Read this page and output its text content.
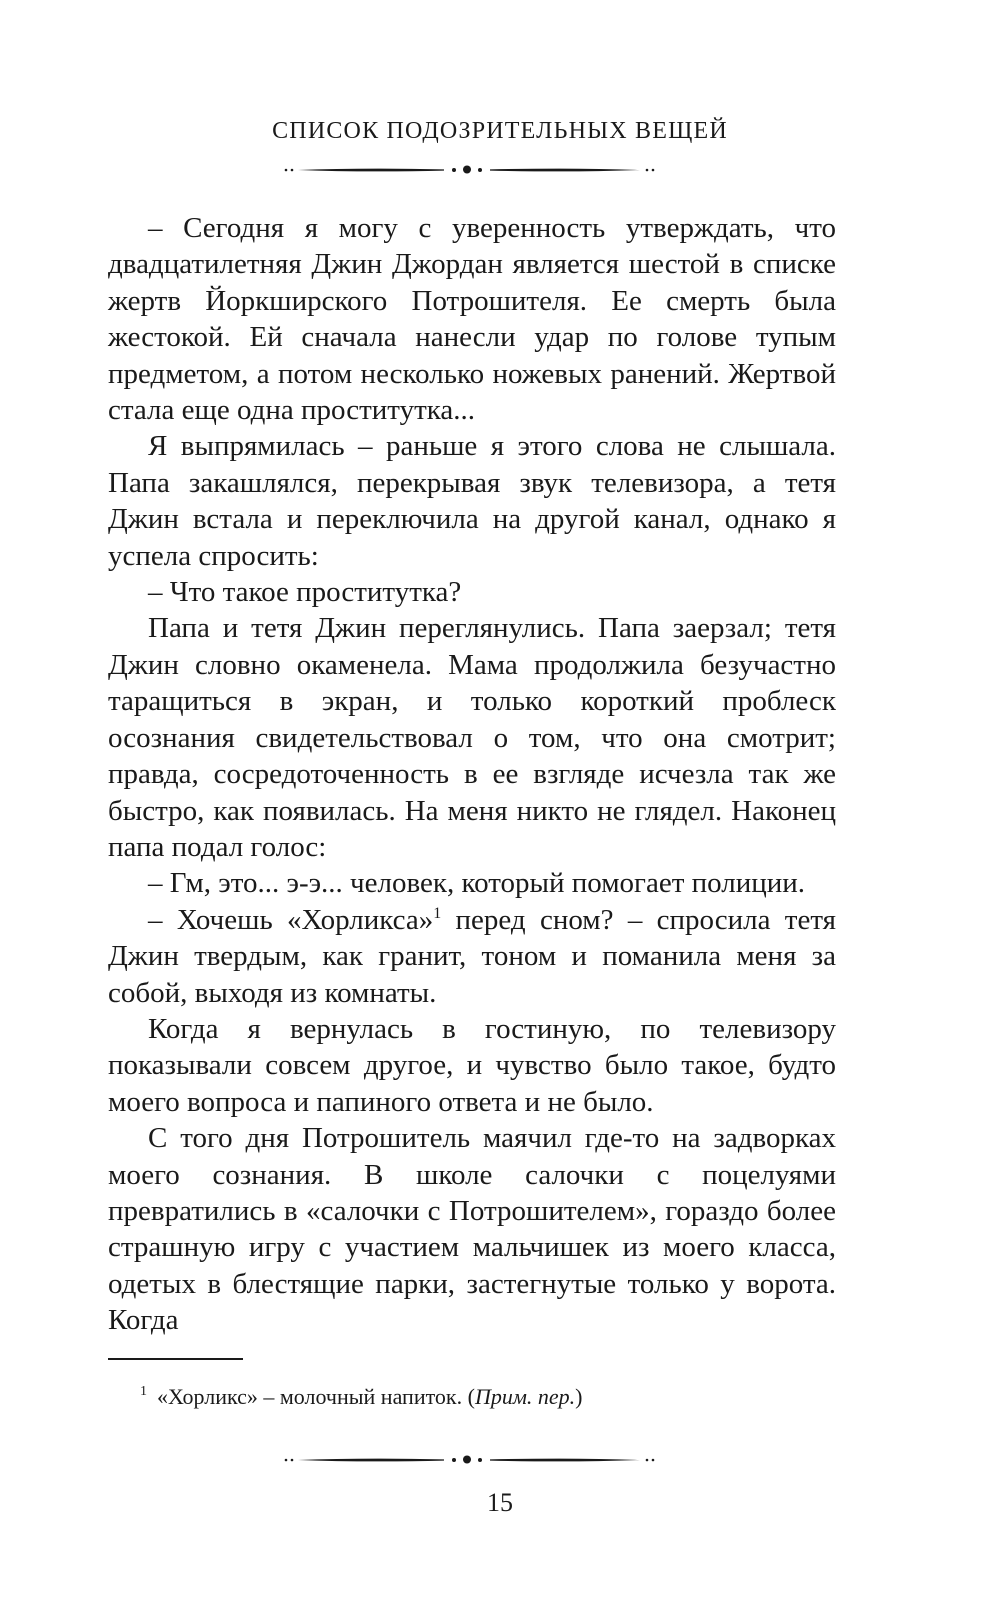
СПИСОК ПОДОЗРИТЕЛЬНЫХ ВЕЩЕЙ

– Сегодня я могу с уверенность утверждать, что двадцатилетняя Джин Джордан является шестой в списке жертв Йоркширского Потрошителя. Ее смерть была жестокой. Ей сначала нанесли удар по голове тупым предметом, а потом несколько ножевых ранений. Жертвой стала еще одна проститутка...

Я выпрямилась – раньше я этого слова не слышала. Папа закашлялся, перекрывая звук телевизора, а тетя Джин встала и переключила на другой канал, однако я успела спросить:

– Что такое проститутка?

Папа и тетя Джин переглянулись. Папа заерзал; тетя Джин словно окаменела. Мама продолжила безучастно таращиться в экран, и только короткий проблеск осознания свидетельствовал о том, что она смотрит; правда, сосредоточенность в ее взгляде исчезла так же быстро, как появилась. На меня никто не глядел. Наконец папа подал голос:

– Гм, это... э-э... человек, который помогает полиции.

– Хочешь «Хорликса»$^1$ перед сном? – спросила тетя Джин твердым, как гранит, тоном и поманила меня за собой, выходя из комнаты.

Когда я вернулась в гостиную, по телевизору показывали совсем другое, и чувство было такое, будто моего вопроса и папиного ответа и не было.

С того дня Потрошитель маячил где-то на задворках моего сознания. В школе салочки с поцелуями превратились в «салочки с Потрошителем», гораздо более страшную игру с участием мальчишек из моего класса, одетых в блестящие парки, застегнутые только у ворота. Когда

$^1$ «Хорликс» – молочный напиток. (Прим. пер.)
15
